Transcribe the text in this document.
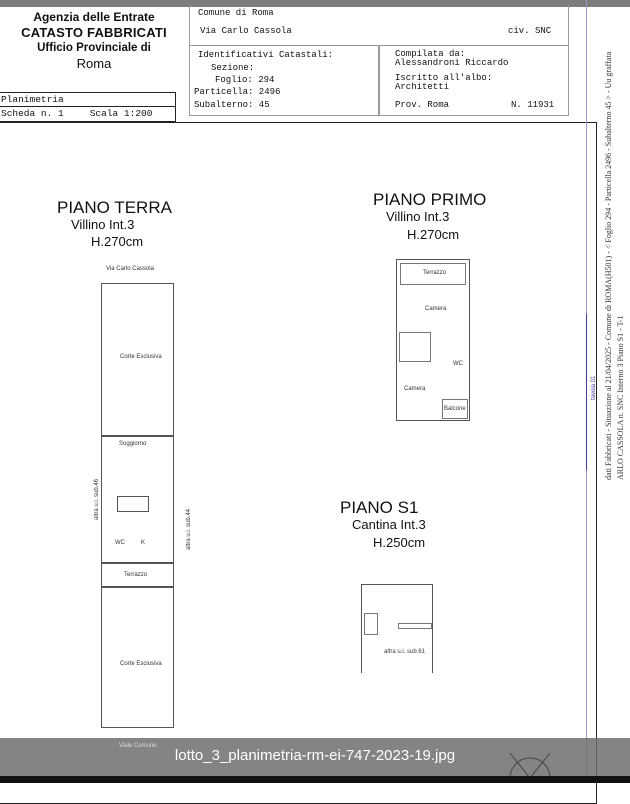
Agenzia delle Entrate
CATASTO FABBRICATI
Ufficio Provinciale di
Roma
Planimetria
Scheda n. 1	Scala 1:200
Comune di Roma
Via Carlo Cassola	civ. SNC
Identificativi Catastali:
Sezione:
Foglio: 294
Particella: 2496
Subalterno: 45
Compilata da:
Alessandroni Riccardo
Iscritto all'albo:
Architetti
Prov. Roma	N. 11931
PIANO TERRA
Villino Int.3
H.270cm
Via Carlo Cassola
Corte Esclusiva
Soggiorno
WC	K
Terrazzo
Corte Esclusiva
altra u.i. sub.46
altra u.i. sub.44
Viale Comune
PIANO PRIMO
Villino Int.3
H.270cm
Terrazzo
Camera
WC
Camera
Balcone
PIANO S1
Cantina Int.3
H.250cm
altra u.i. sub.61
tavola 01 dati Fabbricati - Situazione al 21/04/2025 - Comune di ROMA(H501) - < Foglio 294 - Particella 2496 - Subalterno 45 > - Uu graffata ARLO CASSOLA n. SNC Interno 3 Piano S1 - T-1
lotto_3_planimetria-rm-ei-747-2023-19.jpg
